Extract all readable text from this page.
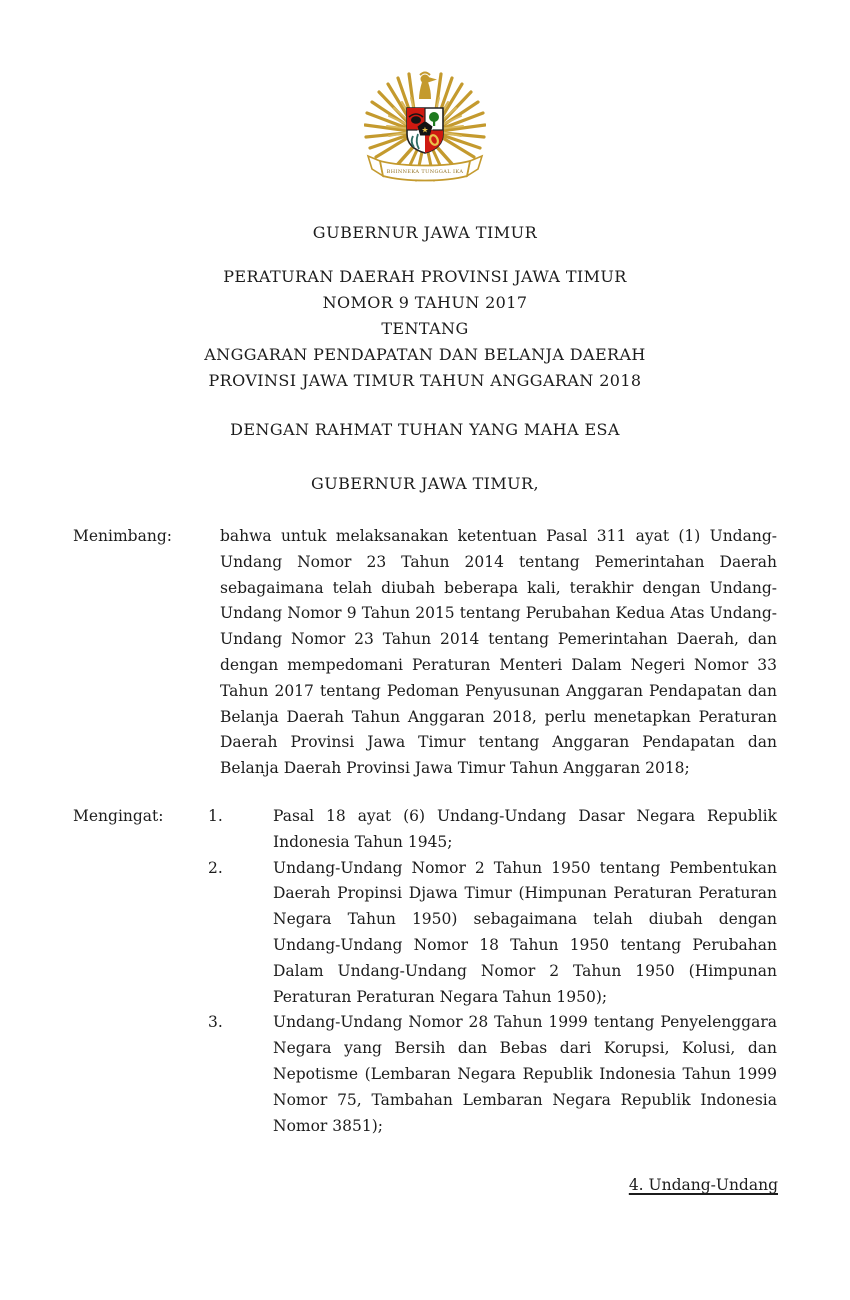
BHINNEKA TUNGGAL IKA
★
GUBERNUR JAWA TIMUR
PERATURAN DAERAH PROVINSI JAWA TIMUR
NOMOR 9 TAHUN 2017
TENTANG
ANGGARAN PENDAPATAN DAN BELANJA DAERAH
PROVINSI JAWA TIMUR TAHUN ANGGARAN 2018
DENGAN RAHMAT TUHAN YANG MAHA ESA
GUBERNUR JAWA TIMUR,
Menimbang:	bahwa untuk melaksanakan ketentuan Pasal 311 ayat (1) Undang-Undang Nomor 23 Tahun 2014 tentang Pemerintahan Daerah sebagaimana telah diubah beberapa kali, terakhir dengan Undang-Undang Nomor 9 Tahun 2015 tentang Perubahan Kedua Atas Undang-Undang Nomor 23 Tahun 2014 tentang Pemerintahan Daerah, dan dengan mempedomani Peraturan Menteri Dalam Negeri Nomor 33 Tahun 2017 tentang Pedoman Penyusunan Anggaran Pendapatan dan Belanja Daerah Tahun Anggaran 2018, perlu menetapkan Peraturan Daerah Provinsi Jawa Timur tentang Anggaran Pendapatan dan Belanja Daerah Provinsi Jawa Timur Tahun Anggaran 2018;
Mengingat:	1.	Pasal 18 ayat (6) Undang-Undang Dasar Negara Republik Indonesia Tahun 1945;
2.	Undang-Undang Nomor 2 Tahun 1950 tentang Pembentukan Daerah Propinsi Djawa Timur (Himpunan Peraturan Peraturan Negara Tahun 1950) sebagaimana telah diubah dengan Undang-Undang Nomor 18 Tahun 1950 tentang Perubahan Dalam Undang-Undang Nomor 2 Tahun 1950 (Himpunan Peraturan Peraturan Negara Tahun 1950);
3.	Undang-Undang Nomor 28 Tahun 1999 tentang Penyelenggara Negara yang Bersih dan Bebas dari Korupsi, Kolusi, dan Nepotisme (Lembaran Negara Republik Indonesia Tahun 1999 Nomor 75, Tambahan Lembaran Negara Republik Indonesia Nomor 3851);
4. Undang-Undang
